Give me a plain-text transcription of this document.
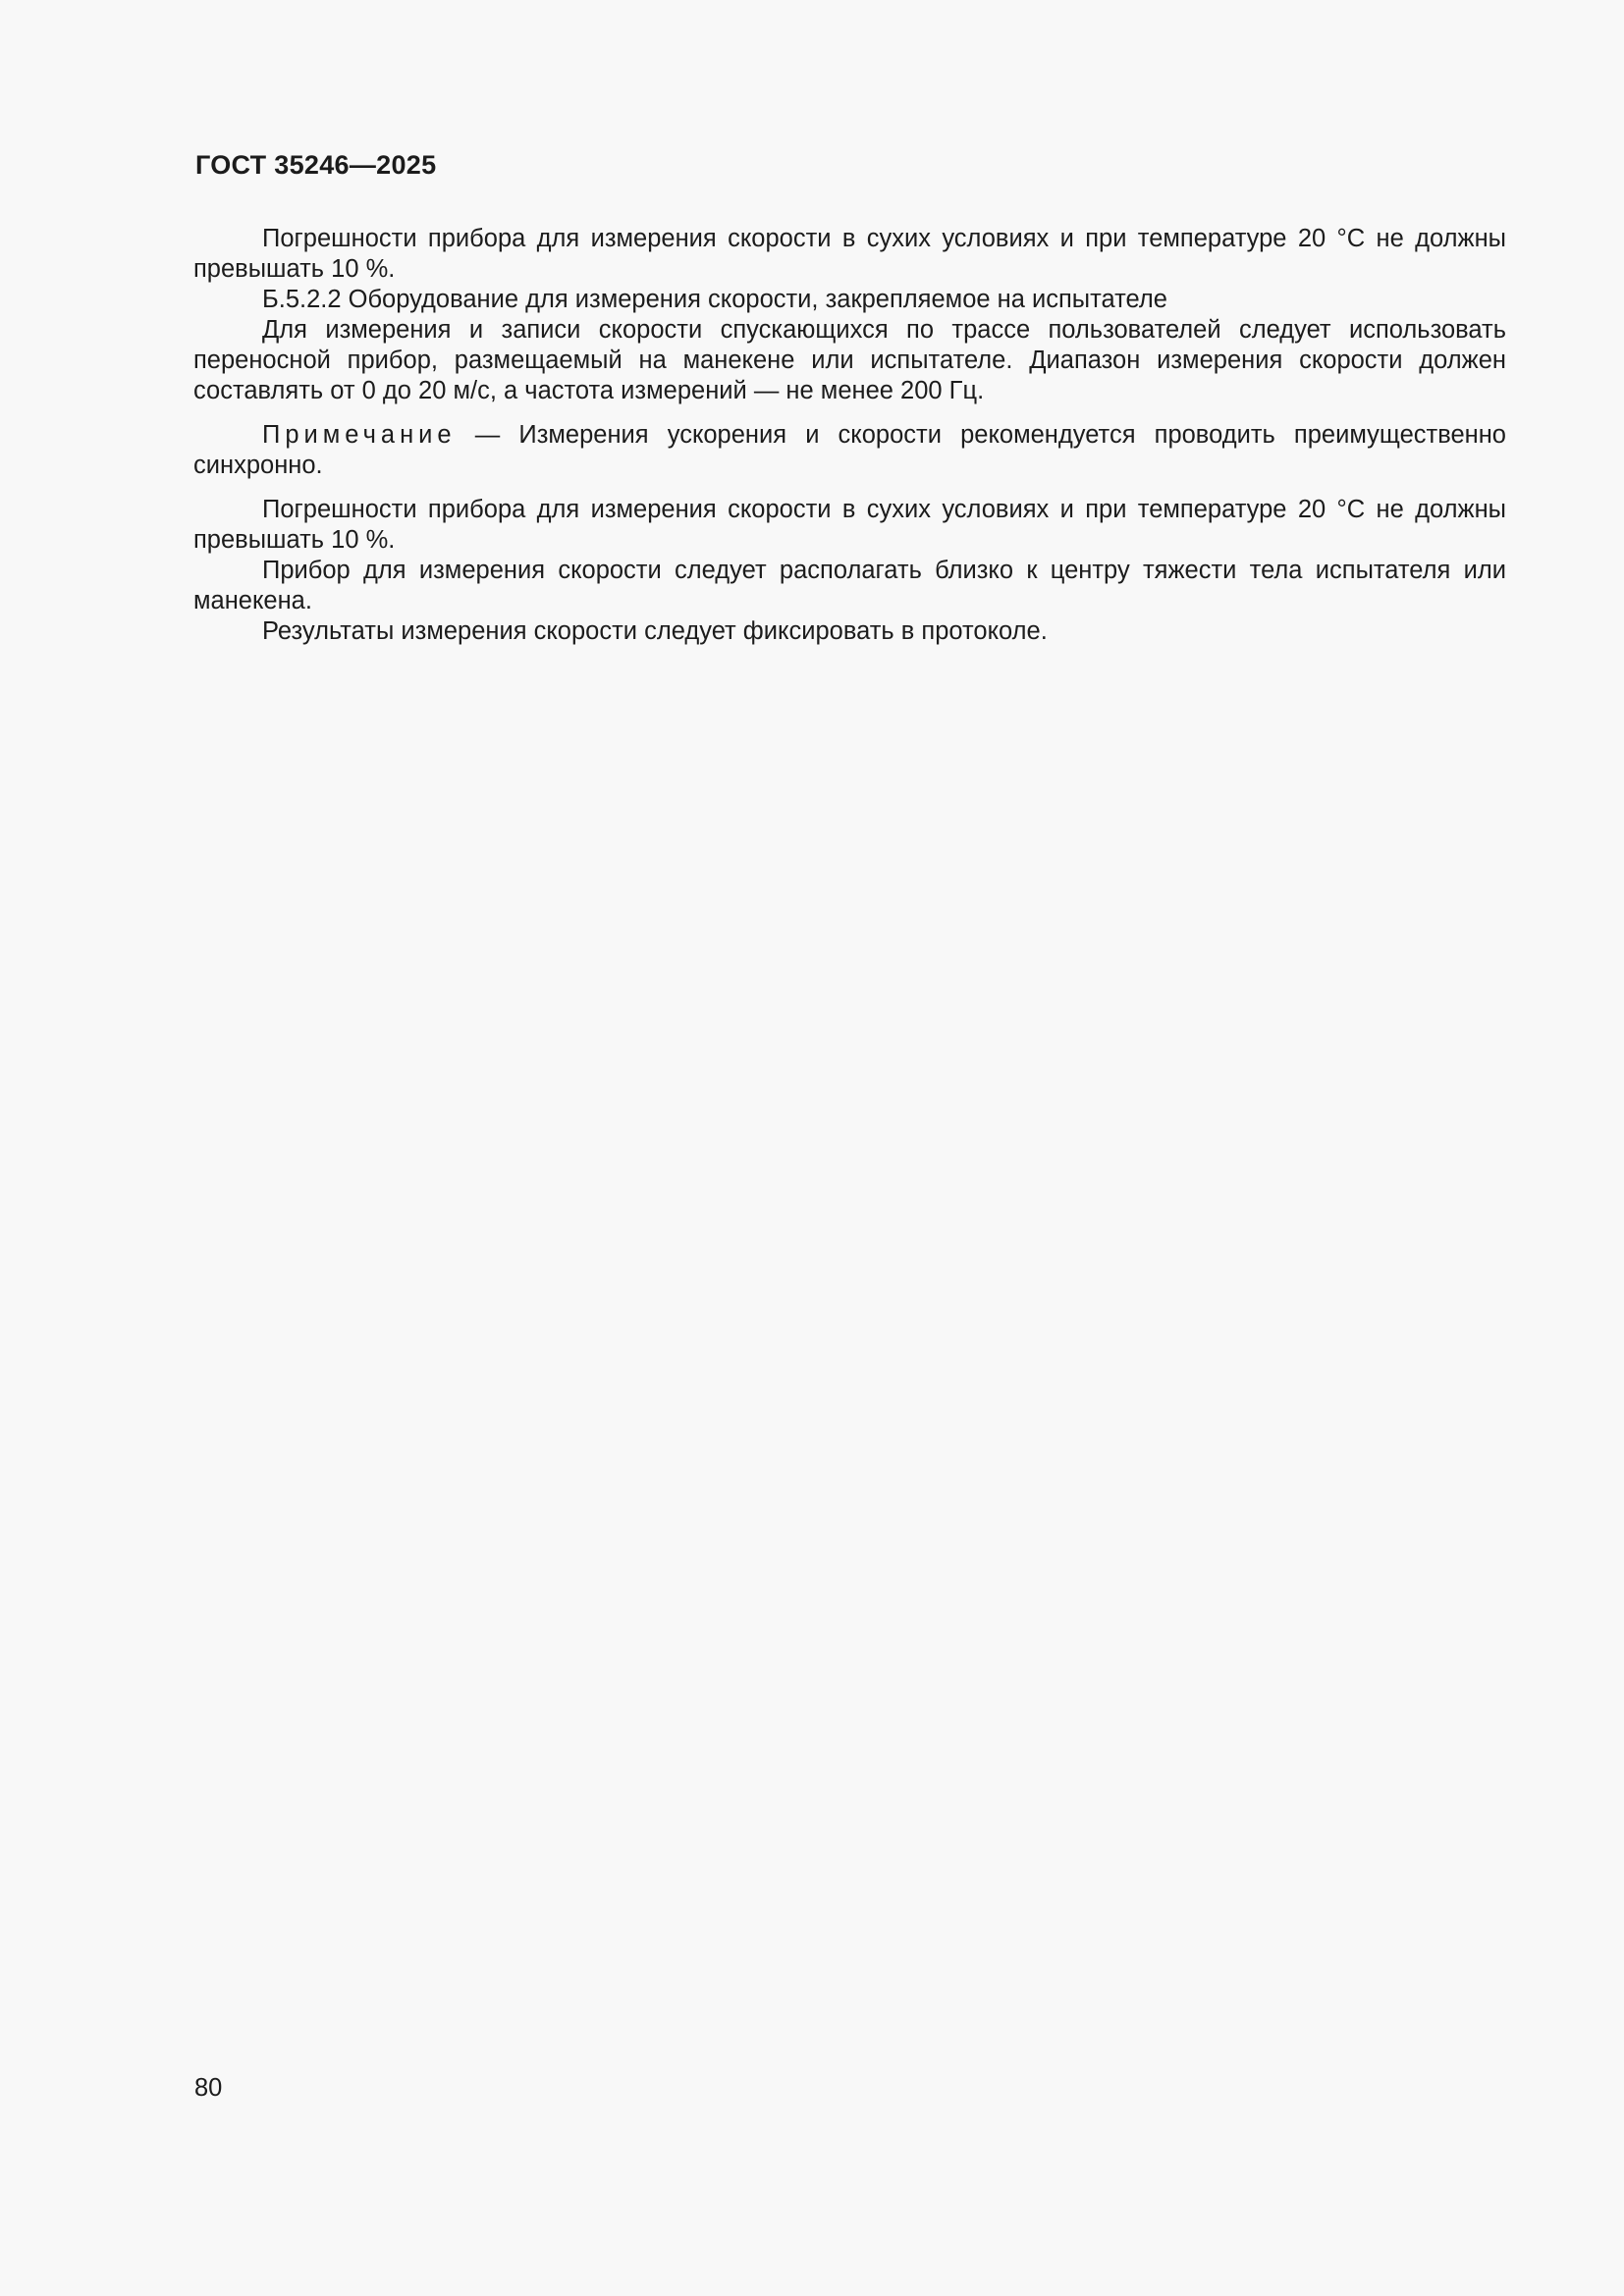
ГОСТ 35246—2025

Погрешности прибора для измерения скорости в сухих условиях и при температуре 20 °С не должны превышать 10 %.

Б.5.2.2 Оборудование для измерения скорости, закрепляемое на испытателе

Для измерения и записи скорости спускающихся по трассе пользователей следует использовать переносной прибор, размещаемый на манекене или испытателе. Диапазон измерения скорости должен составлять от 0 до 20 м/с, а частота измерений — не менее 200 Гц.

Примечание — Измерения ускорения и скорости рекомендуется проводить преимущественно синхронно.

Погрешности прибора для измерения скорости в сухих условиях и при температуре 20 °С не должны превышать 10 %.

Прибор для измерения скорости следует располагать близко к центру тяжести тела испытателя или манекена.

Результаты измерения скорости следует фиксировать в протоколе.

80
